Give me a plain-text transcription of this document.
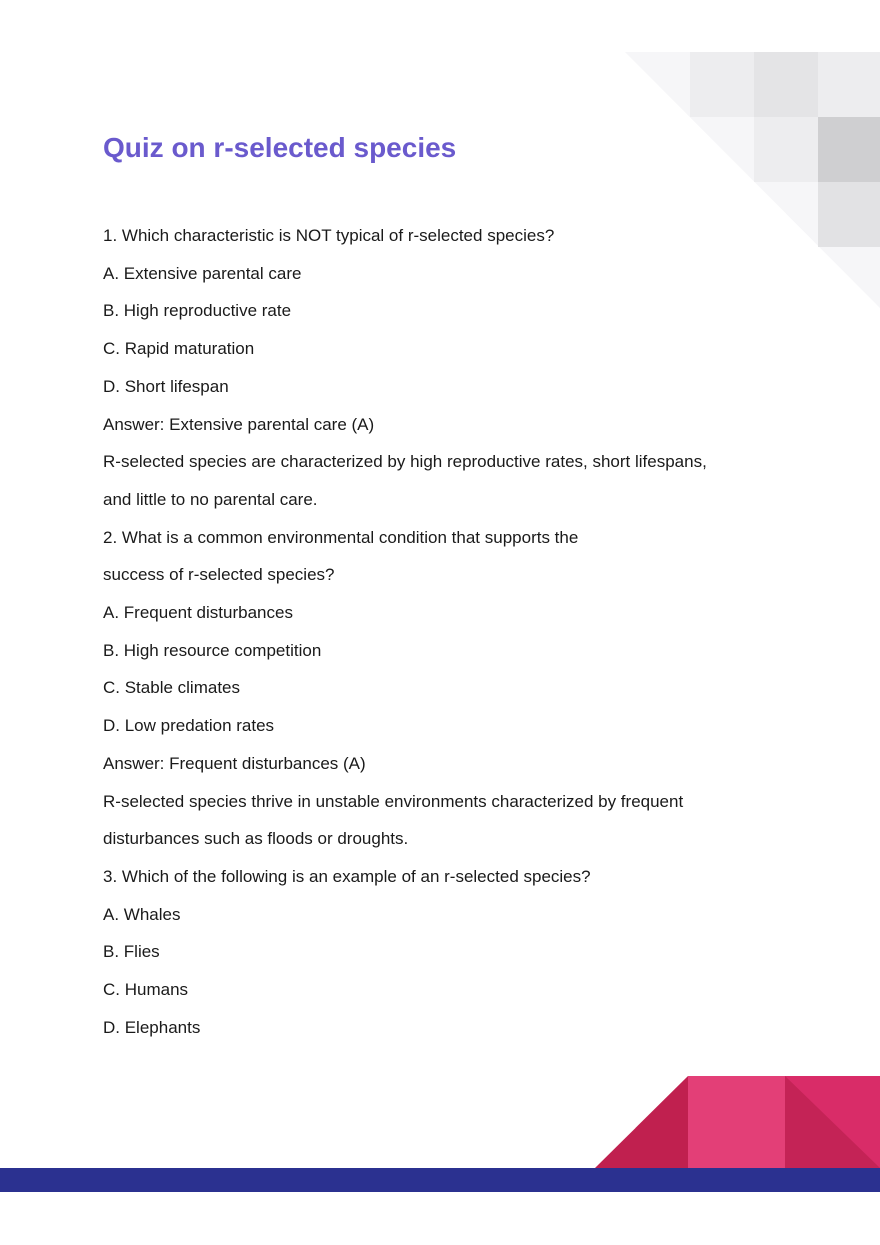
Quiz on r-selected species
1. Which characteristic is NOT typical of r-selected species?
A. Extensive parental care
B. High reproductive rate
C. Rapid maturation
D. Short lifespan
Answer: Extensive parental care (A)
R-selected species are characterized by high reproductive rates, short lifespans,
and little to no parental care.
2. What is a common environmental condition that supports the
success of r-selected species?
A. Frequent disturbances
B. High resource competition
C. Stable climates
D. Low predation rates
Answer: Frequent disturbances (A)
R-selected species thrive in unstable environments characterized by frequent
disturbances such as floods or droughts.
3. Which of the following is an example of an r-selected species?
A. Whales
B. Flies
C. Humans
D. Elephants
